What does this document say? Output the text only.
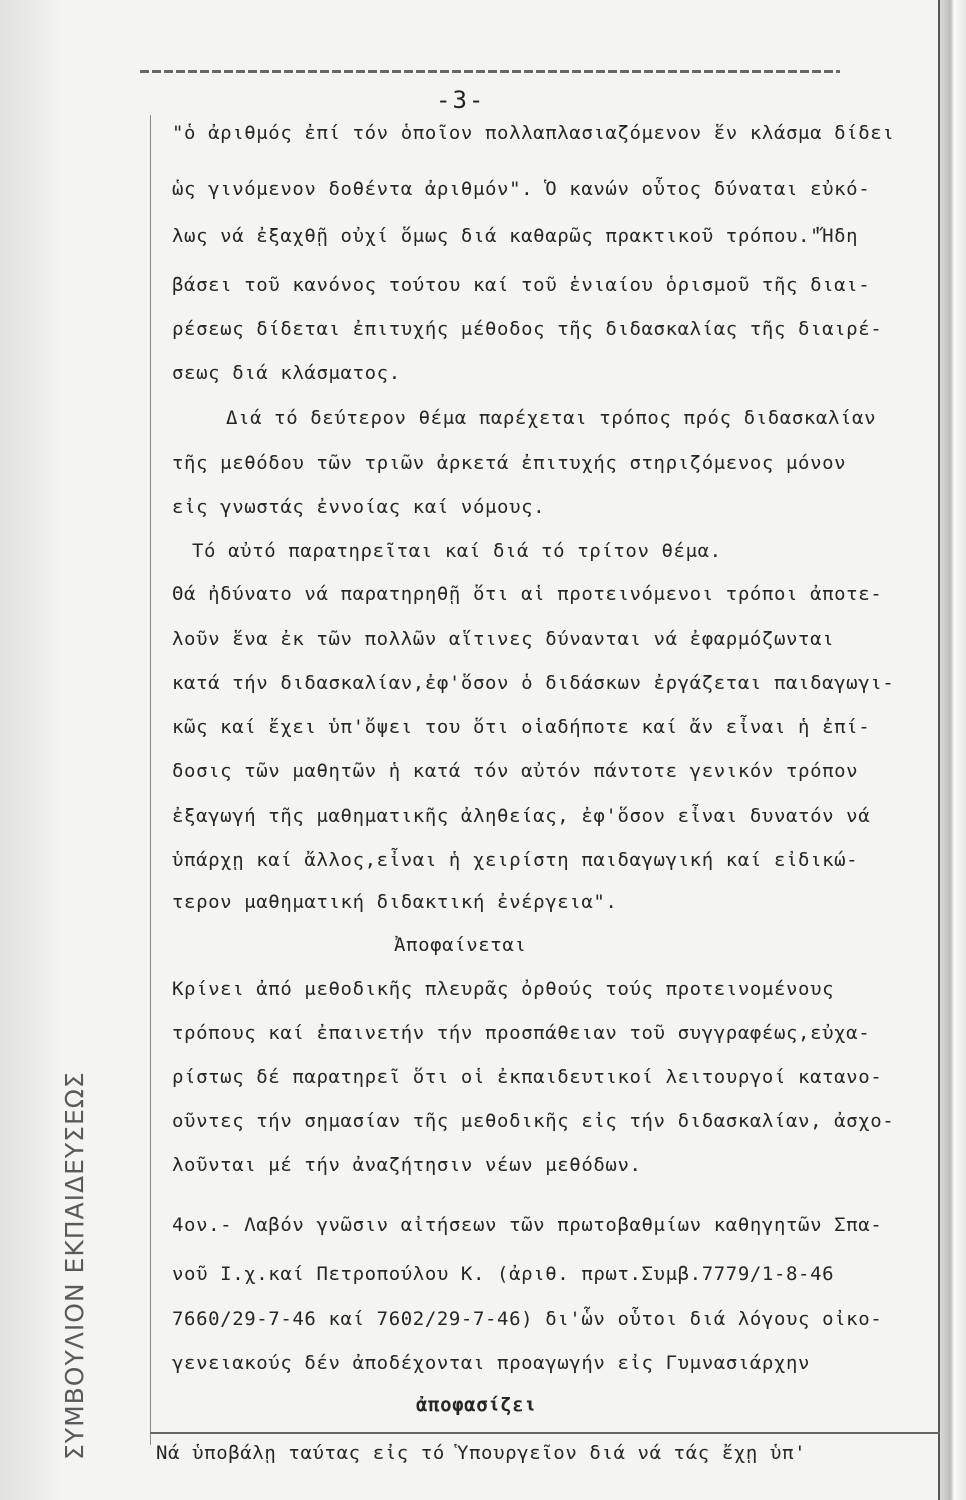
ΣΥΜΒΟΥΛΙΟΝ ΕΚΠΑΙΔΕΥΣΕΩΣ
-3-
"ὁ ἀριθμός ἐπί τόν ὁποῖον πολλαπλασιαζόμενον ἕν κλάσμα δίδει
ὡς γινόμενον δοθέντα ἀριθμόν". Ὁ κανών οὗτος δύναται εὐκό-
λως νά ἐξαχθῇ οὐχί ὅμως διά καθαρῶς πρακτικοῦ τρόπου."Ἤδη
βάσει τοῦ κανόνος τούτου καί τοῦ ἑνιαίου ὁρισμοῦ τῆς διαι-
ρέσεως δίδεται ἐπιτυχής μέθοδος τῆς διδασκαλίας τῆς διαιρέ-
σεως διά κλάσματος.
Διά τό δεύτερον θέμα παρέχεται τρόπος πρός διδασκαλίαν
τῆς μεθόδου τῶν τριῶν ἀρκετά ἐπιτυχής στηριζόμενος μόνον
εἰς γνωστάς ἐννοίας καί νόμους.
Τό αὐτό παρατηρεῖται καί διά τό τρίτον θέμα.
Θά ἠδύνατο νά παρατηρηθῇ ὅτι αἱ προτεινόμενοι τρόποι ἀποτε-
λοῦν ἕνα ἐκ τῶν πολλῶν αἵτινες δύνανται νά ἐφαρμόζωνται
κατά τήν διδασκαλίαν,ἐφ'ὅσον ὁ διδάσκων ἐργάζεται παιδαγωγι-
κῶς καί ἔχει ὑπ'ὄψει του ὅτι οἱαδήποτε καί ἄν εἶναι ἡ ἐπί-
δοσις τῶν μαθητῶν ἡ κατά τόν αὐτόν πάντοτε γενικόν τρόπον
ἐξαγωγή τῆς μαθηματικῆς ἀληθείας, ἐφ'ὅσον εἶναι δυνατόν νά
ὑπάρχῃ καί ἄλλος,εἶναι ἡ χειρίστη παιδαγωγική καί εἰδικώ-
τερον μαθηματική διδακτική ἐνέργεια".
Ἀποφαίνεται
Κρίνει ἀπό μεθοδικῆς πλευρᾶς ὀρθούς τούς προτεινομένους
τρόπους καί ἐπαινετήν τήν προσπάθειαν τοῦ συγγραφέως,εὐχα-
ρίστως δέ παρατηρεῖ ὅτι οἱ ἐκπαιδευτικοί λειτουργοί κατανο-
οῦντες τήν σημασίαν τῆς μεθοδικῆς εἰς τήν διδασκαλίαν, ἀσχο-
λοῦνται μέ τήν ἀναζήτησιν νέων μεθόδων.
4ον.- Λαβόν γνῶσιν αἰτήσεων τῶν πρωτοβαθμίων καθηγητῶν Σπα-
νοῦ Ι.χ.καί Πετροπούλου Κ. (ἀριθ. πρωτ.Συμβ.7779/1-8-46
7660/29-7-46 καί 7602/29-7-46) δι'ὧν οὗτοι διά λόγους οἰκο-
γενειακούς δέν ἀποδέχονται προαγωγήν εἰς Γυμνασιάρχην
ἀποφασίζει
Νά ὑποβάλῃ ταύτας εἰς τό Ὑπουργεῖον διά νά τάς ἔχῃ ὑπ'
